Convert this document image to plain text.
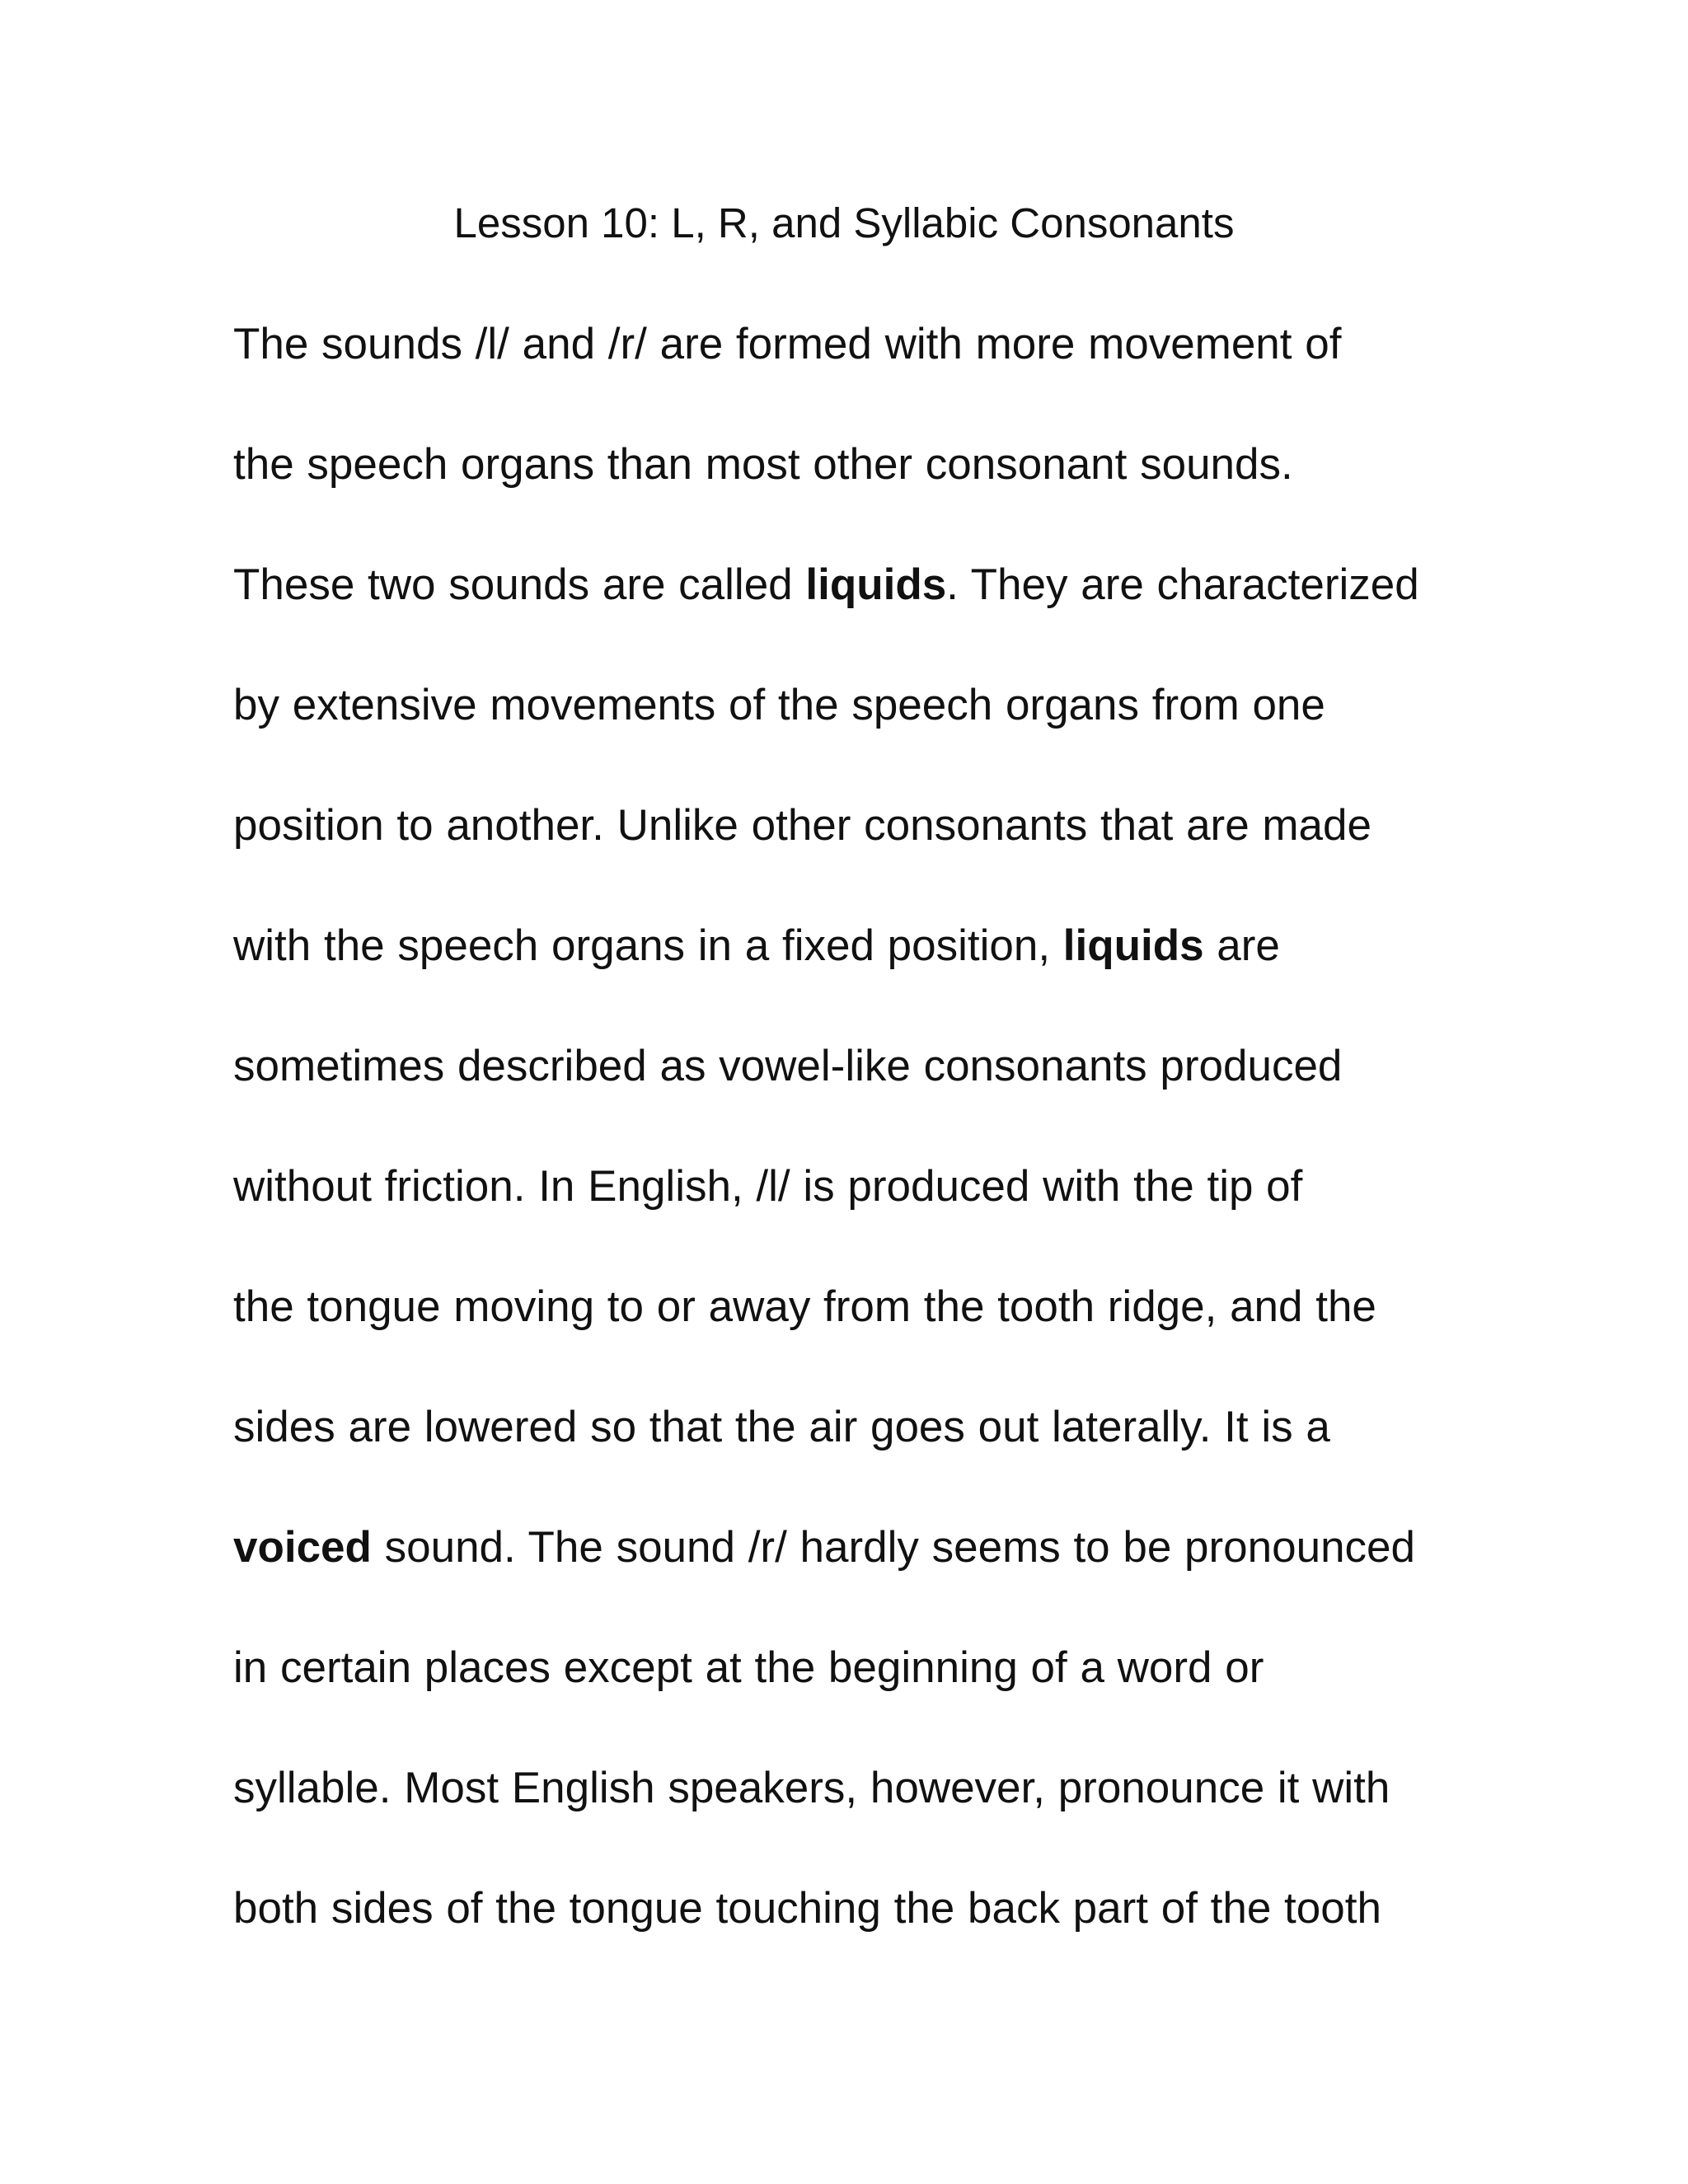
Lesson 10: L, R, and Syllabic Consonants
The sounds /l/ and /r/ are formed with more movement of
the speech organs than most other consonant sounds.
These two sounds are called liquids. They are characterized
by extensive movements of the speech organs from one
position to another. Unlike other consonants that are made
with the speech organs in a fixed position, liquids are
sometimes described as vowel-like consonants produced
without friction. In English, /l/ is produced with the tip of
the tongue moving to or away from the tooth ridge, and the
sides are lowered so that the air goes out laterally. It is a
voiced sound. The sound /r/ hardly seems to be pronounced
in certain places except at the beginning of a word or
syllable. Most English speakers, however, pronounce it with
both sides of the tongue touching the back part of the tooth
